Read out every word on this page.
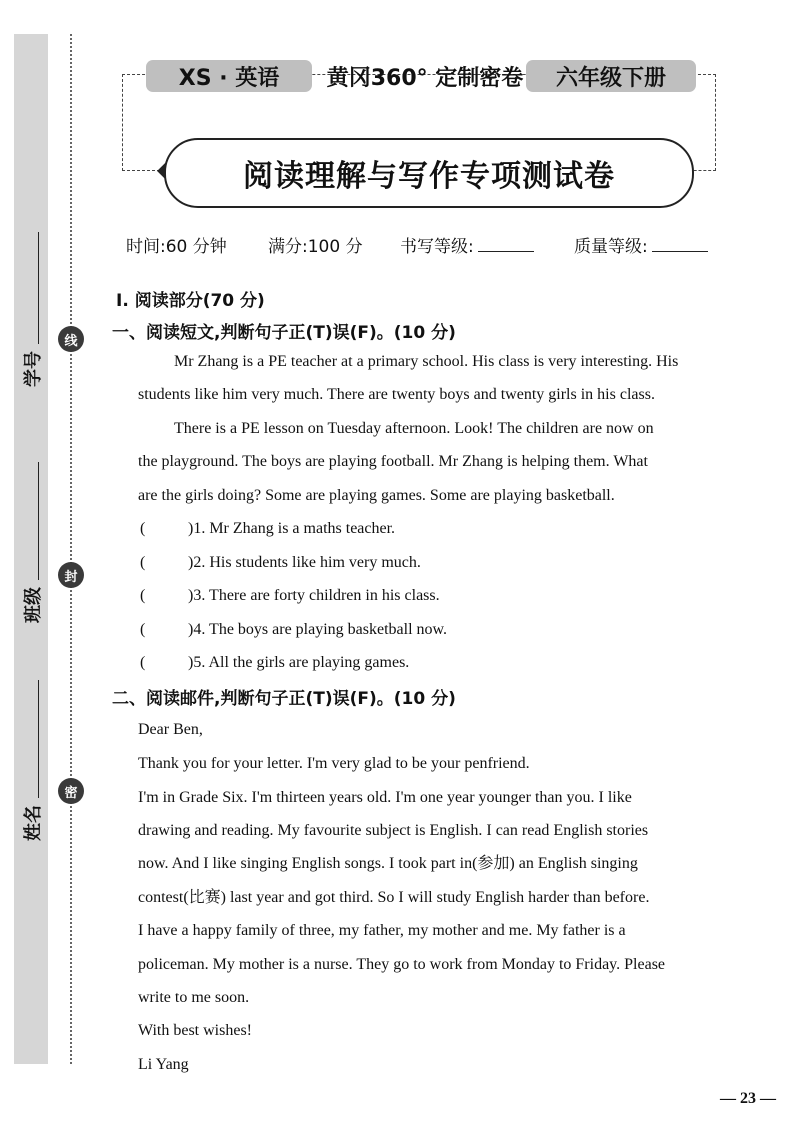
线
封
密
学号
班级
姓名
XS · 英语	黄冈360° 定制密卷	六年级下册
阅读理解与写作专项测试卷
时间:60 分钟 满分:100 分 书写等级:	质量等级:
Ⅰ. 阅读部分(70 分)
一、阅读短文,判断句子正(T)误(F)。(10 分)
Mr Zhang is a PE teacher at a primary school. His class is very interesting. His
students like him very much. There are twenty boys and twenty girls in his class.
There is a PE lesson on Tuesday afternoon. Look! The children are now on
the playground. The boys are playing football. Mr Zhang is helping them. What
are the girls doing? Some are playing games. Some are playing basketball.
(	)1. Mr Zhang is a maths teacher.
(	)2. His students like him very much.
(	)3. There are forty children in his class.
(	)4. The boys are playing basketball now.
(	)5. All the girls are playing games.
二、阅读邮件,判断句子正(T)误(F)。(10 分)
Dear Ben,
Thank you for your letter. I'm very glad to be your penfriend.
I'm in Grade Six. I'm thirteen years old. I'm one year younger than you. I like
drawing and reading. My favourite subject is English. I can read English stories
now. And I like singing English songs. I took part in(参加) an English singing
contest(比赛) last year and got third. So I will study English harder than before.
I have a happy family of three, my father, my mother and me. My father is a
policeman. My mother is a nurse. They go to work from Monday to Friday. Please
write to me soon.
With best wishes!
Li Yang
— 23 —
